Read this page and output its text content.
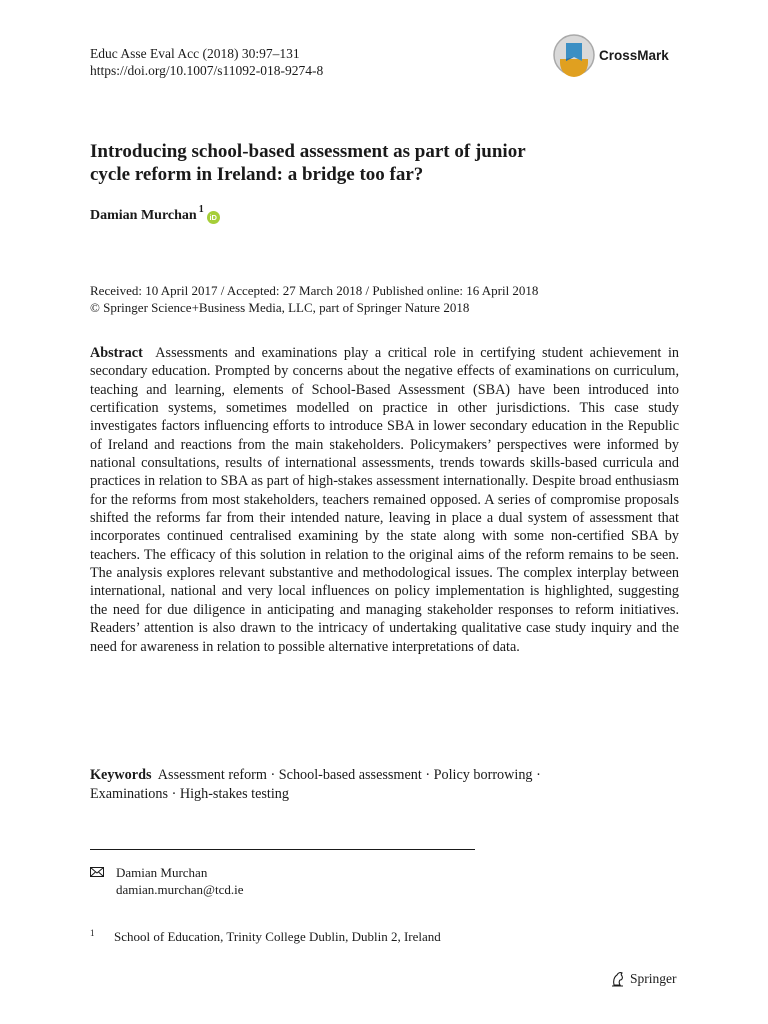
Educ Asse Eval Acc (2018) 30:97–131
https://doi.org/10.1007/s11092-018-9274-8
CrossMark
Introducing school-based assessment as part of junior
cycle reform in Ireland: a bridge too far?
Damian Murchan$^1$
iD
Received: 10 April 2017 / Accepted: 27 March 2018 / Published online: 16 April 2018
© Springer Science+Business Media, LLC, part of Springer Nature 2018
Abstract Assessments and examinations play a critical role in certifying student achievement in secondary education. Prompted by concerns about the negative effects of examinations on curriculum, teaching and learning, elements of School-Based Assessment (SBA) have been introduced into certification systems, sometimes modelled on practice in other jurisdictions. This case study investigates factors influencing efforts to introduce SBA in lower secondary education in the Republic of Ireland and reactions from the main stakeholders. Policymakers’ perspectives were informed by national consultations, results of international assessments, trends towards skills-based curricula and practices in relation to SBA as part of high-stakes assessment internationally. Despite broad enthusiasm for the reforms from most stakeholders, teachers remained opposed. A series of compromise proposals shifted the reforms far from their intended nature, leaving in place a dual system of assessment that incorporates continued centralised examining by the state along with some non-certified SBA by teachers. The efficacy of this solution in relation to the original aims of the reform remains to be seen. The analysis explores relevant substantive and methodological issues. The complex interplay between international, national and very local influences on policy implementation is highlighted, suggesting the need for due diligence in anticipating and managing stakeholder responses to reform initiatives. Readers’ attention is also drawn to the intricacy of undertaking qualitative case study inquiry and the need for awareness in relation to possible alternative interpretations of data.
Keywords Assessment reform · School-based assessment · Policy borrowing ·
Examinations · High-stakes testing
Damian Murchan
damian.murchan@tcd.ie
1	School of Education, Trinity College Dublin, Dublin 2, Ireland
Springer
